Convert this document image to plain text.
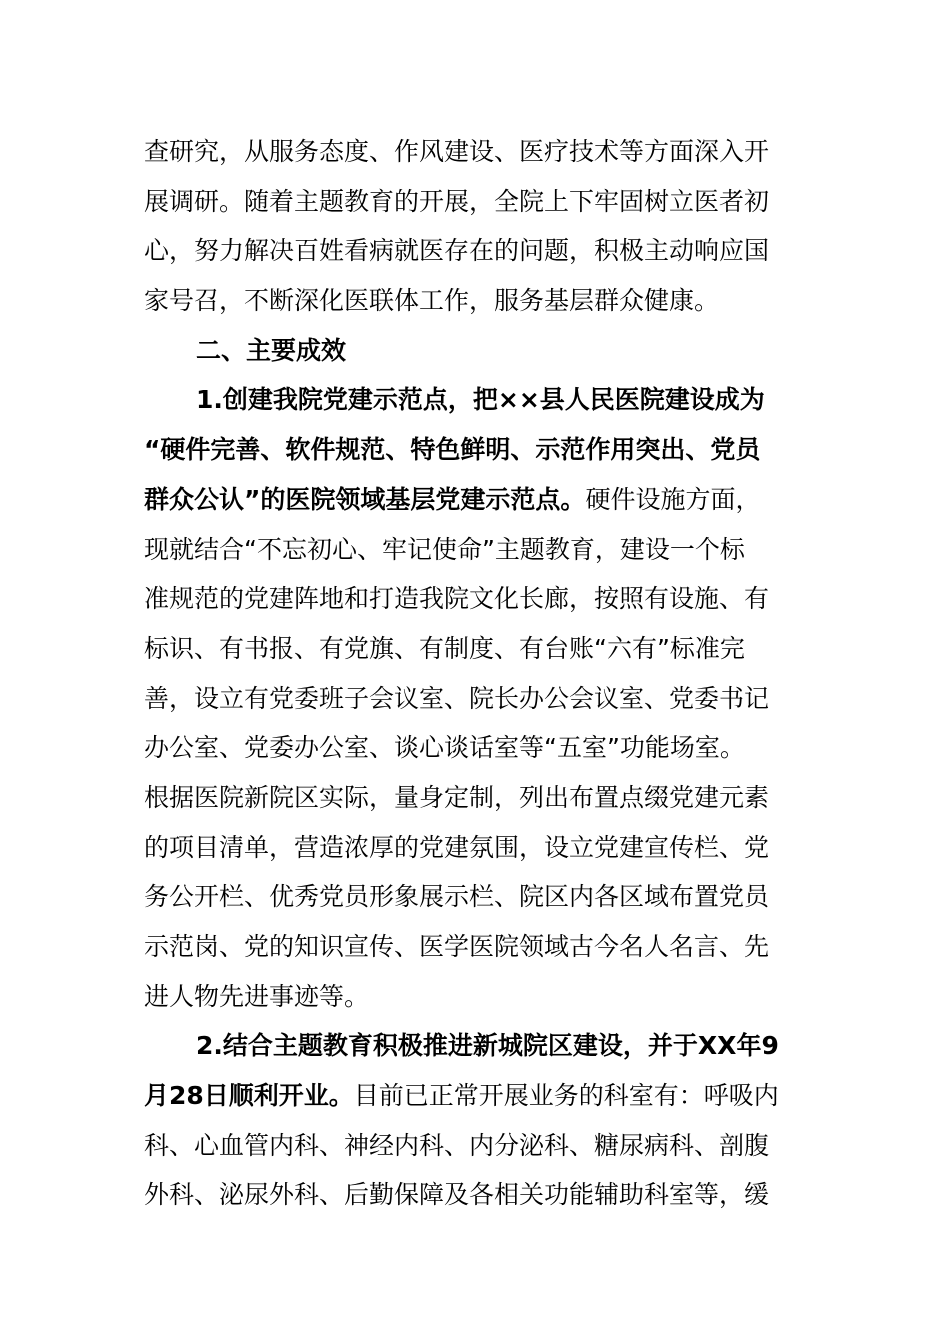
查研究，从服务态度、作风建设、医疗技术等方面深入开
展调研。随着主题教育的开展，全院上下牢固树立医者初
心，努力解决百姓看病就医存在的问题，积极主动响应国
家号召，不断深化医联体工作，服务基层群众健康。
二、主要成效
1.创建我院党建示范点，把××县人民医院建设成为
“硬件完善、软件规范、特色鲜明、示范作用突出、党员
群众公认”的医院领域基层党建示范点。硬件设施方面，
现就结合“不忘初心、牢记使命”主题教育，建设一个标
准规范的党建阵地和打造我院文化长廊，按照有设施、有
标识、有书报、有党旗、有制度、有台账“六有”标准完
善，设立有党委班子会议室、院长办公会议室、党委书记
办公室、党委办公室、谈心谈话室等“五室”功能场室。
根据医院新院区实际，量身定制，列出布置点缀党建元素
的项目清单，营造浓厚的党建氛围，设立党建宣传栏、党
务公开栏、优秀党员形象展示栏、院区内各区域布置党员
示范岗、党的知识宣传、医学医院领域古今名人名言、先
进人物先进事迹等。
2.结合主题教育积极推进新城院区建设，并于XX年9
月28日顺利开业。目前已正常开展业务的科室有：呼吸内
科、心血管内科、神经内科、内分泌科、糖尿病科、剖腹
外科、泌尿外科、后勤保障及各相关功能辅助科室等，缓
